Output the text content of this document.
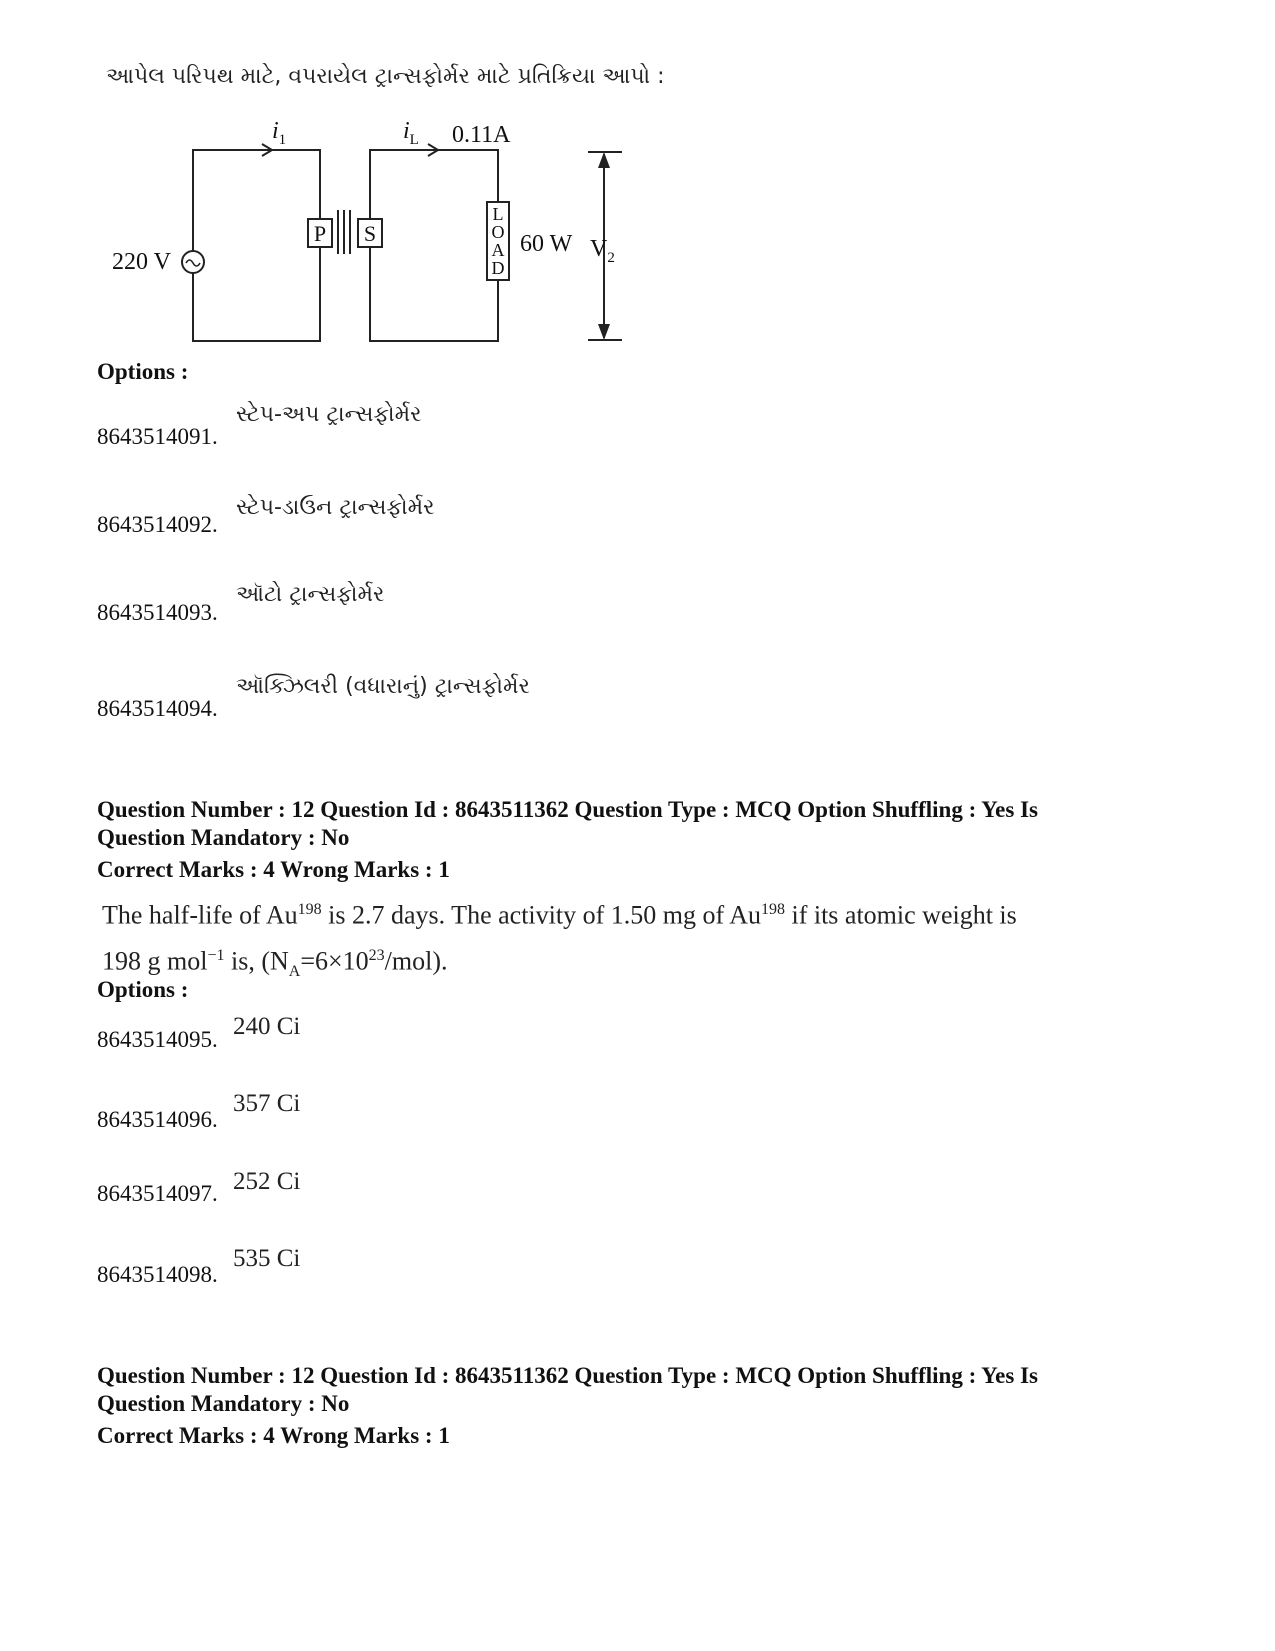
આપેલ પરિપથ માટે, વપરાયેલ ટ્રાન્સફોર્મર માટે પ્રતિક્રિયા આપો :
P S
L
O
A
D
$i_1$	$i_L$ 0.11A
220 V
60 W $V_2$
Options :
8643514091.
સ્ટેપ-અપ ટ્રાન્સફોર્મર
8643514092.
સ્ટેપ-ડાઉન ટ્રાન્સફોર્મર
8643514093.
ઑટો ટ્રાન્સફોર્મર
8643514094.
ઑક્ઝિલરી (વધારાનું) ટ્રાન્સફોર્મર
Question Number : 12 Question Id : 8643511362 Question Type : MCQ Option Shuffling : Yes Is
Question Mandatory : No
Correct Marks : 4 Wrong Marks : 1
The half-life of Au$^{198}$ is 2.7 days. The activity of 1.50 mg of Au$^{198}$ if its atomic weight is
198 g mol$^{-1}$ is, $(N_A=6\times 10^{23}/mol)$.
Options :
8643514095. 240 Ci
8643514096.
357 Ci
8643514097. 252 Ci
8643514098.
535 Ci
Question Number : 12 Question Id : 8643511362 Question Type : MCQ Option Shuffling : Yes Is
Question Mandatory : No
Correct Marks : 4 Wrong Marks : 1
